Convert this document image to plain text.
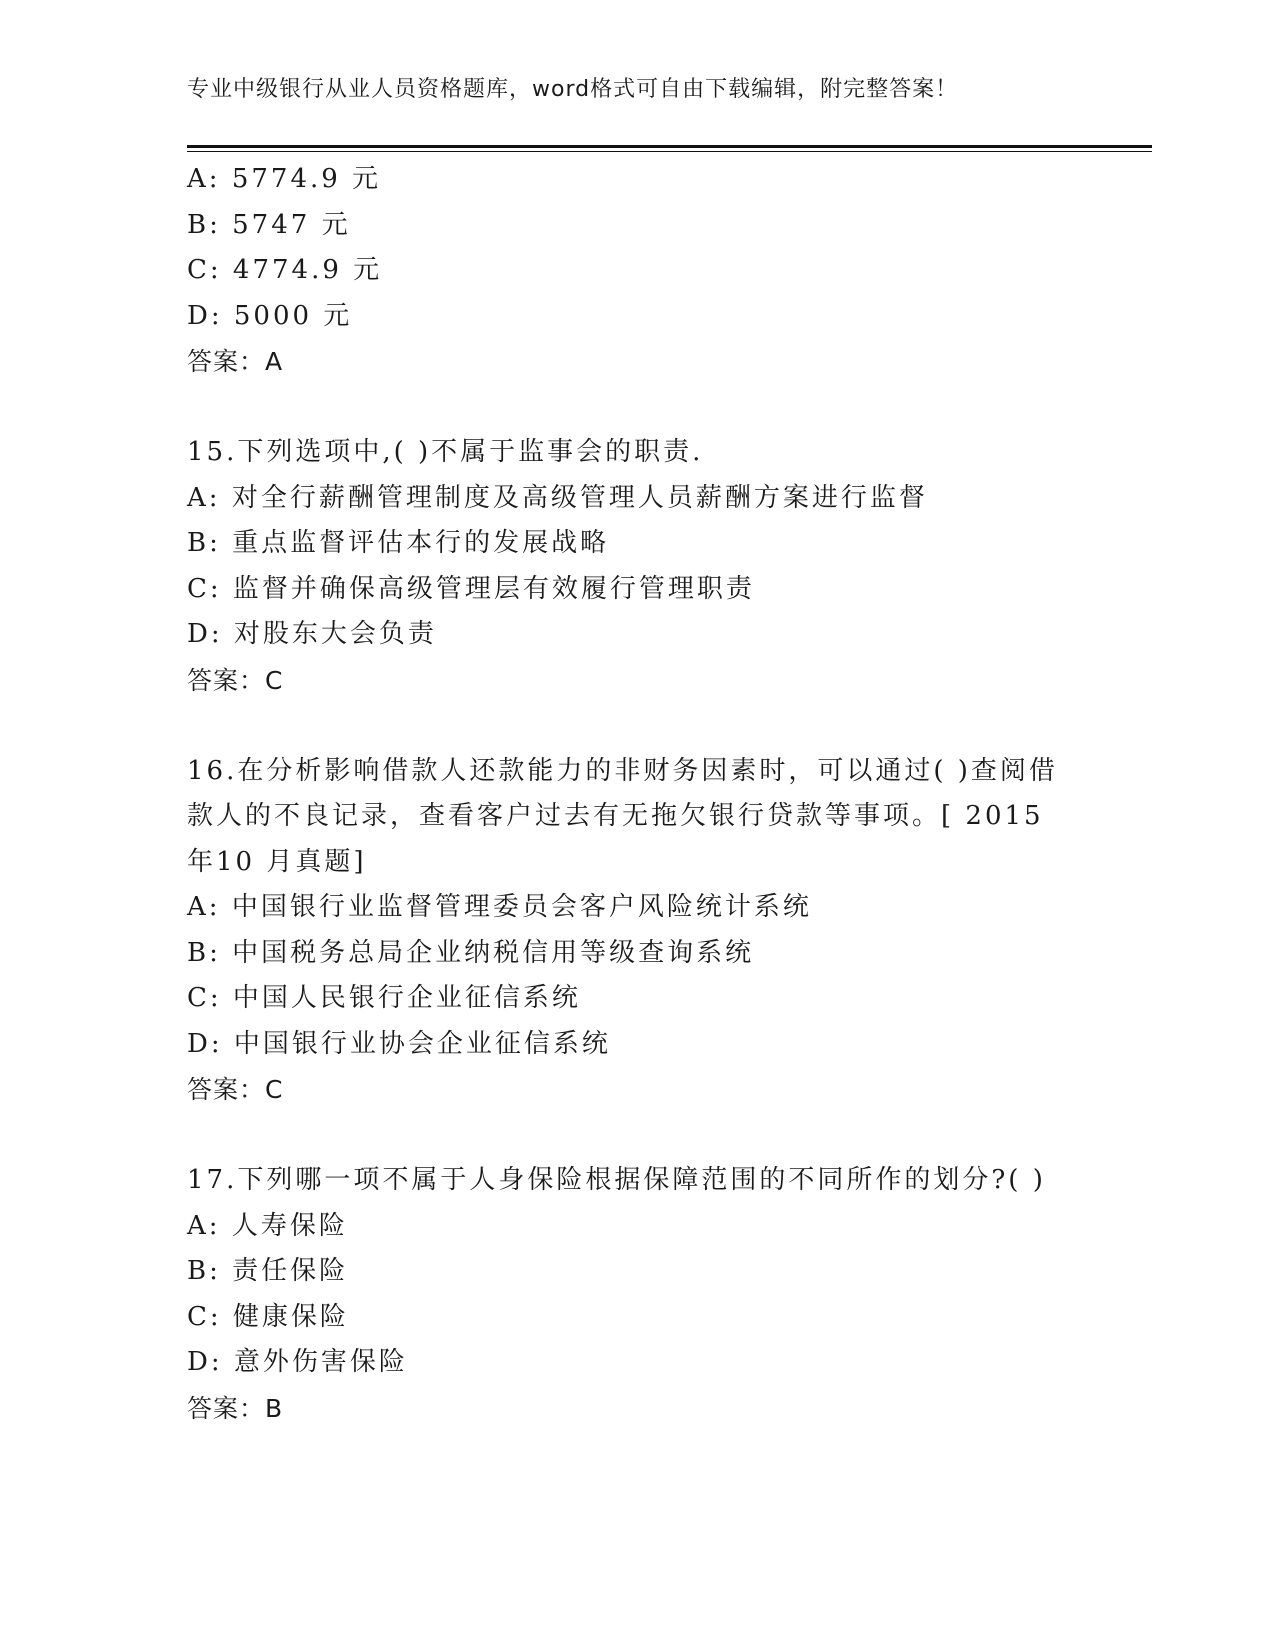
专业中级银行从业人员资格题库，word格式可自由下载编辑，附完整答案！
A: 5774.9 元
B: 5747 元
C: 4774.9 元
D: 5000 元
答案：A
15.下列选项中,( )不属于监事会的职责.
A: 对全行薪酬管理制度及高级管理人员薪酬方案进行监督
B: 重点监督评估本行的发展战略
C: 监督并确保高级管理层有效履行管理职责
D: 对股东大会负责
答案：C
16.在分析影响借款人还款能力的非财务因素时，可以通过( )查阅借款人的不良记录，查看客户过去有无拖欠银行贷款等事项。[ 2015 年10 月真题]
A: 中国银行业监督管理委员会客户风险统计系统
B: 中国税务总局企业纳税信用等级查询系统
C: 中国人民银行企业征信系统
D: 中国银行业协会企业征信系统
答案：C
17.下列哪一项不属于人身保险根据保障范围的不同所作的划分?( )
A: 人寿保险
B: 责任保险
C: 健康保险
D: 意外伤害保险
答案：B
